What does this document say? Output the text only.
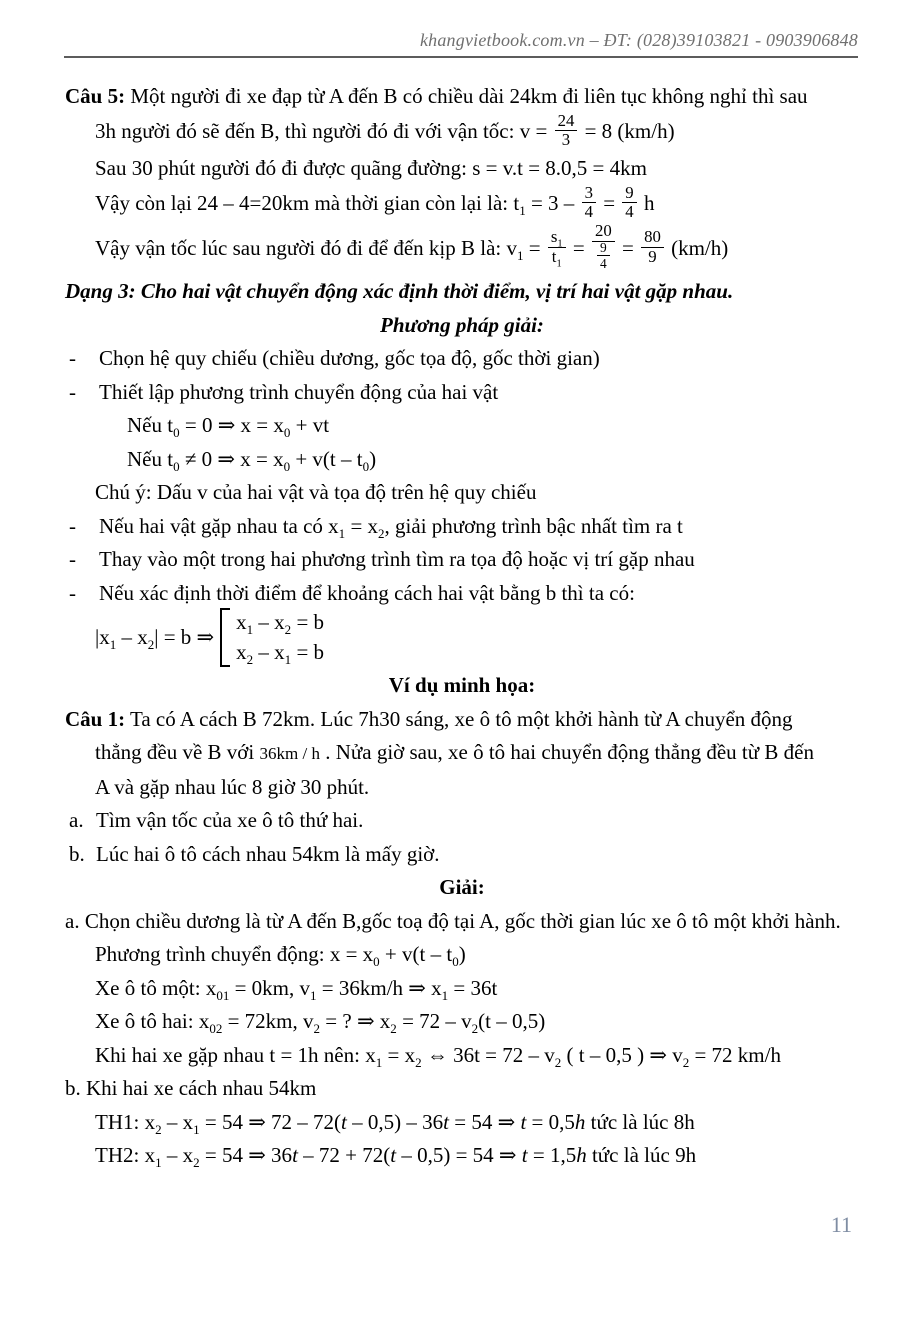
khangvietbook.com.vn – ĐT: (028)39103821 - 0903906848
Câu 5: Một người đi xe đạp từ A đến B có chiều dài 24km đi liên tục không nghỉ thì sau
3h người đó sẽ đến B, thì người đó đi với vận tốc: $v = \frac{24}{3} = 8$ (km/h)
Sau 30 phút người đó đi được quãng đường: s = v.t = 8.0,5 = 4km
Vậy còn lại 24 – 4=20km mà thời gian còn lại là: $t_1 = 3 - \frac{3}{4} = \frac{9}{4}$ h
Vậy vận tốc lúc sau người đó đi để đến kịp B là: $v_1 = \frac{s_1}{t_1} = \frac{20}{\frac{9}{4}} = \frac{80}{9} (km/h)$
Dạng 3: Cho hai vật chuyển động xác định thời điểm, vị trí hai vật gặp nhau.
Phương pháp giải:
-	Chọn hệ quy chiếu (chiều dương, gốc tọa độ, gốc thời gian)
-	Thiết lập phương trình chuyển động của hai vật
Nếu $t_0 = 0$ ⇒ $x = x_0$ + vt
Nếu $t_0 \ne 0$ ⇒ $x = x_0 + v(t - t_0)$
Chú ý: Dấu v của hai vật và tọa độ trên hệ quy chiếu
-	Nếu hai vật gặp nhau ta có $x_1 = x_2$, giải phương trình bậc nhất tìm ra t
-	Thay vào một trong hai phương trình tìm ra tọa độ hoặc vị trí gặp nhau
-	Nếu xác định thời điểm để khoảng cách hai vật bằng b thì ta có:
$|x_1 - x_2| = b$ ⇒
$x_1 - x_2 = b$
$x_2 - x_1 = b$
Ví dụ minh họa:
Câu 1: Ta có A cách B 72km. Lúc 7h30 sáng, xe ô tô một khởi hành từ A chuyển động
thẳng đều về B với 36km / h . Nửa giờ sau, xe ô tô hai chuyển động thẳng đều từ B đến
A và gặp nhau lúc 8 giờ 30 phút.
a. Tìm vận tốc của xe ô tô thứ hai.
b. Lúc hai ô tô cách nhau 54km là mấy giờ.
Giải:
a. Chọn chiều dương là từ A đến B,gốc toạ độ tại A, gốc thời gian lúc xe ô tô một khởi hành.
Phương trình chuyển động: $x = x_0 + v(t - t_0)$
Xe ô tô một: $x_{01} = 0km$, $v_1 = 36km/h$ ⇒ $x_1 = 36t$
Xe ô tô hai: $x_{02} = 72km$, $v_2$ = ? ⇒ $x_2 = 72 - v_2(t - 0,5)$
Khi hai xe gặp nhau t = 1h nên: $x_1 = x_2$ ⇔ $36t = 72 - v_2$ ( t – 0,5 ) ⇒ $v_2 = 72$ km/h
b. Khi hai xe cách nhau 54km
TH1: $x_2 - x_1 = 54$ ⇒ 72 – 72(t – 0,5) – 36t = 54 ⇒ t = 0,5h tức là lúc 8h
TH2: $x_1 - x_2 = 54$ ⇒ 36t – 72 + 72(t – 0,5) = 54 ⇒ t = 1,5h tức là lúc 9h
11
